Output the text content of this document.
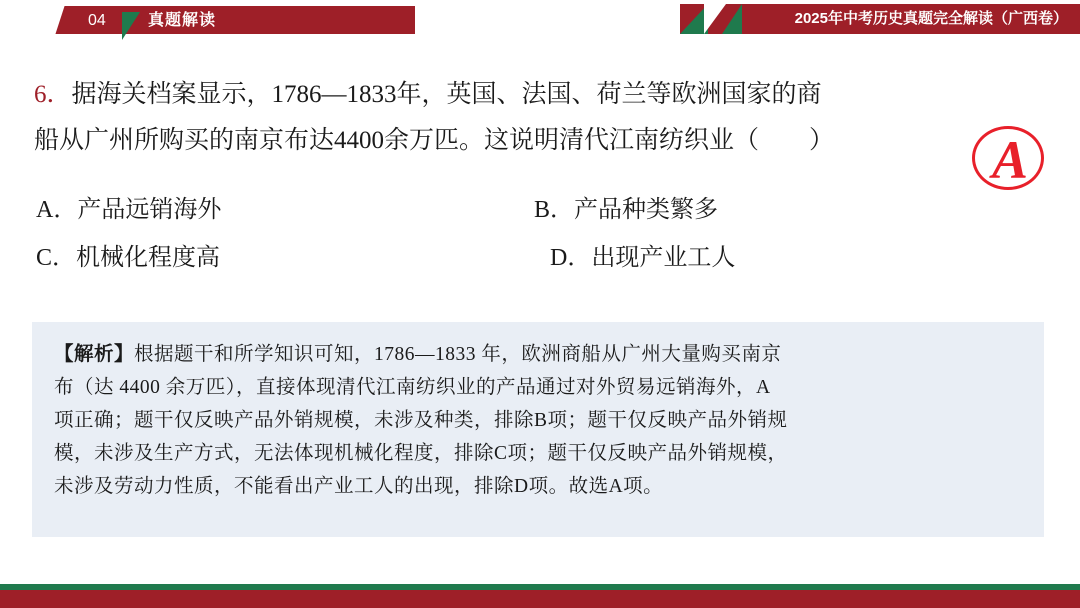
04	真题解读	2025年中考历史真题完全解读（广西卷）
6．据海关档案显示，1786—1833年，英国、法国、荷兰等欧洲国家的商
船从广州所购买的南京布达4400余万匹。这说明清代江南纺织业（　　）	A
A．产品远销海外	B．产品种类繁多
C．机械化程度高	D．出现产业工人
【解析】根据题干和所学知识可知，1786—1833 年，欧洲商船从广州大量购买南京
布（达 4400 余万匹），直接体现清代江南纺织业的产品通过对外贸易远销海外，A
项正确；题干仅反映产品外销规模，未涉及种类，排除B项；题干仅反映产品外销规
模，未涉及生产方式，无法体现机械化程度，排除C项；题干仅反映产品外销规模，
未涉及劳动力性质，不能看出产业工人的出现，排除D项。故选A项。
